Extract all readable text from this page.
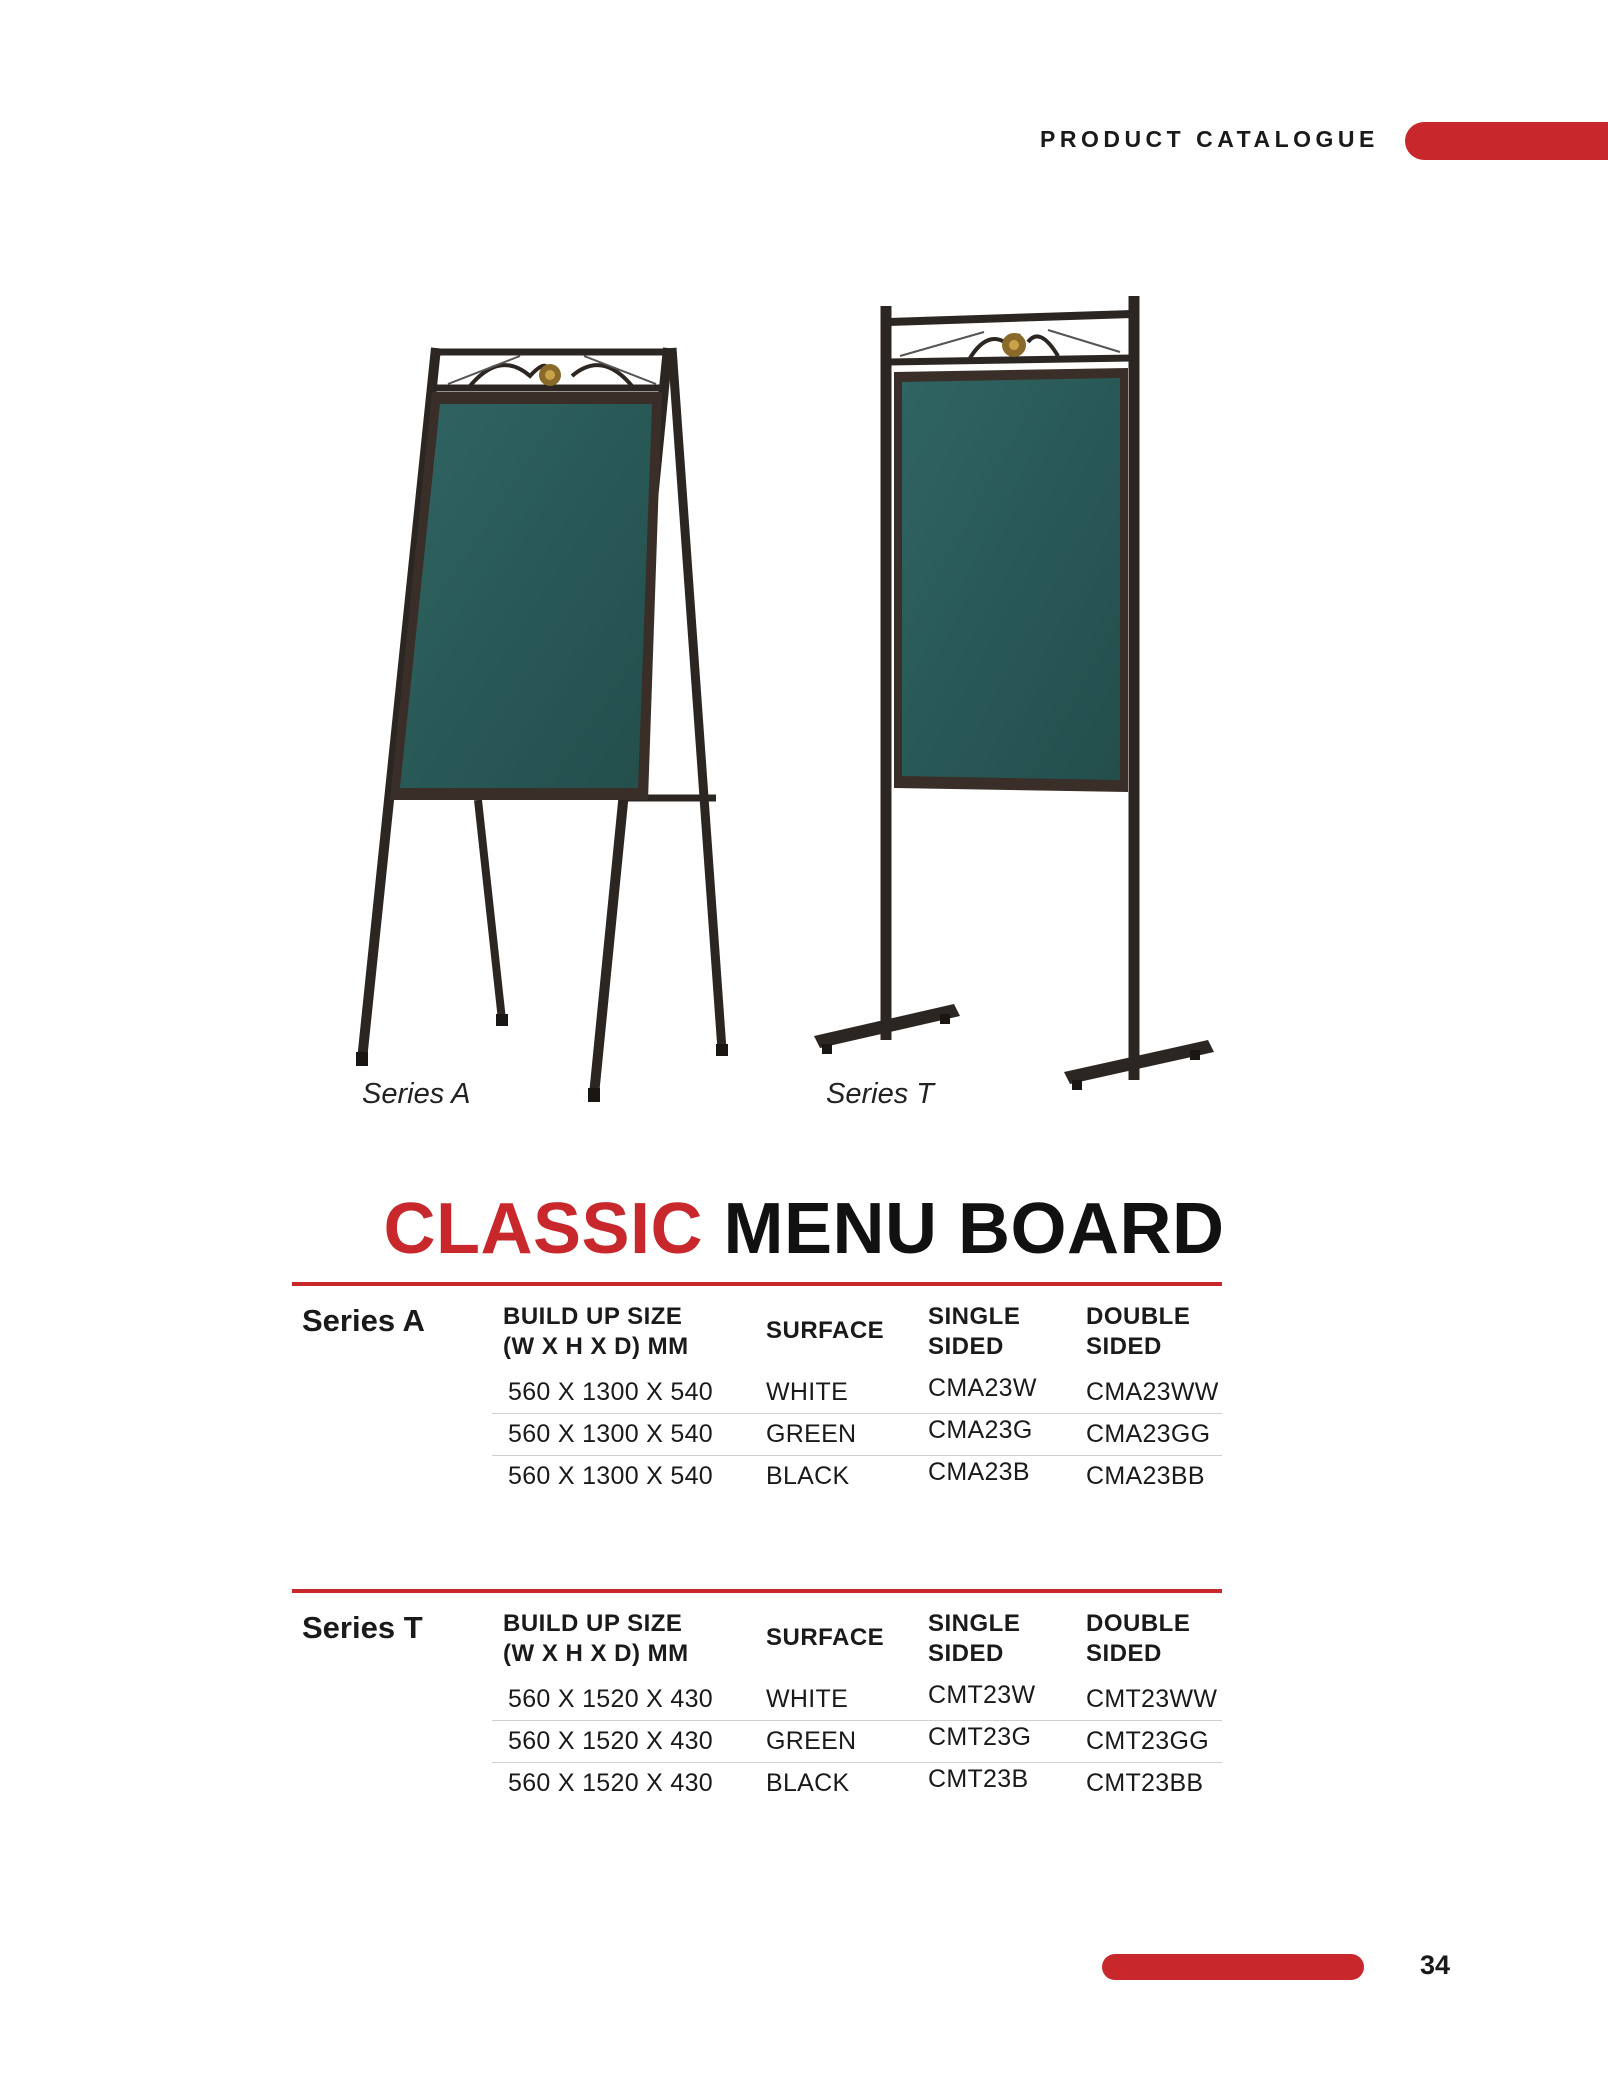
PRODUCT CATALOGUE
Series A	Series T
CLASSIC MENU BOARD
Series A	BUILD UP SIZE
(W X H X D) MM
SURFACE
SINGLE
SIDED
DOUBLE
SIDED
560 X 1300 X 540 WHITE	CMA23W CMA23WW
560 X 1300 X 540 GREEN	CMA23G CMA23GG
560 X 1300 X 540 BLACK	CMA23B CMA23BB
Series T	BUILD UP SIZE
(W X H X D) MM
SURFACE
SINGLE
SIDED
DOUBLE
SIDED
560 X 1520 X 430 WHITE	CMT23W CMT23WW
560 X 1520 X 430 GREEN	CMT23G CMT23GG
560 X 1520 X 430 BLACK	CMT23B CMT23BB
34
